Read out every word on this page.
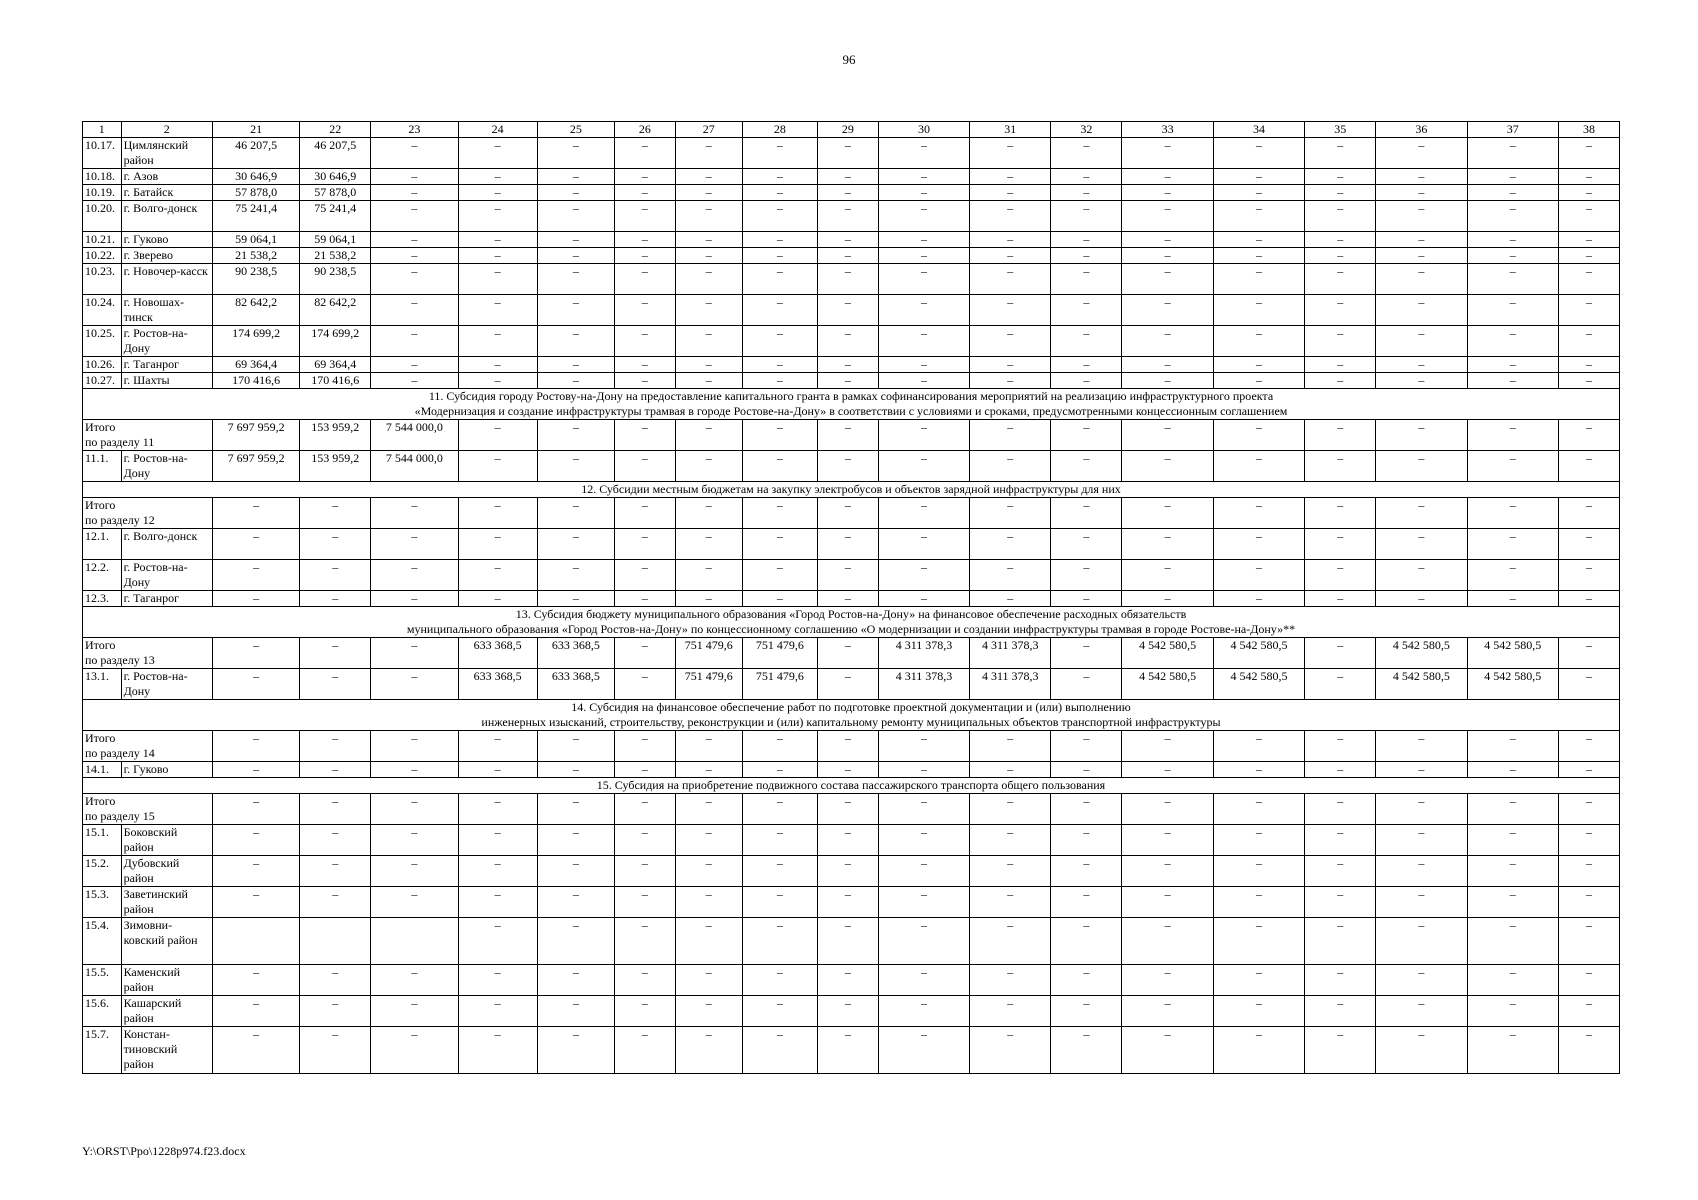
96
1	2	21	22	23	24	25	26	27	28	29	30	31	32	33	34	35	36	37	38
10.17.	Цимлянский район	46 207,5	46 207,5	–	–	–	–	–	–	–	–	–	–	–	–	–	–	–	–
10.18.	г. Азов	30 646,9	30 646,9	–	–	–	–	–	–	–	–	–	–	–	–	–	–	–	–
10.19.	г. Батайск	57 878,0	57 878,0	–	–	–	–	–	–	–	–	–	–	–	–	–	–	–	–
10.20.	г. Волго-донск	75 241,4	75 241,4	–	–	–	–	–	–	–	–	–	–	–	–	–	–	–	–
10.21.	г. Гуково	59 064,1	59 064,1	–	–	–	–	–	–	–	–	–	–	–	–	–	–	–	–
10.22.	г. Зверево	21 538,2	21 538,2	–	–	–	–	–	–	–	–	–	–	–	–	–	–	–	–
10.23.	г. Новочер-касск	90 238,5	90 238,5	–	–	–	–	–	–	–	–	–	–	–	–	–	–	–	–
10.24.	г. Новошах-тинск	82 642,2	82 642,2	–	–	–	–	–	–	–	–	–	–	–	–	–	–	–	–
10.25.	г. Ростов-на-Дону	174 699,2	174 699,2	–	–	–	–	–	–	–	–	–	–	–	–	–	–	–	–
10.26.	г. Таганрог	69 364,4	69 364,4	–	–	–	–	–	–	–	–	–	–	–	–	–	–	–	–
10.27.	г. Шахты	170 416,6	170 416,6	–	–	–	–	–	–	–	–	–	–	–	–	–	–	–	–

11. Субсидия городу Ростову-на-Дону на предоставление капитального гранта в рамках софинансирования мероприятий на реализацию инфраструктурного проекта
«Модернизация и создание инфраструктуры трамвая в городе Ростове-на-Дону» в соответствии с условиями и сроками, предусмотренными концессионным соглашением																			

Итого
по разделу 11		7 697 959,2	153 959,2	7 544 000,0	–	–	–	–	–	–	–	–	–	–	–	–	–	–	–
11.1.	г. Ростов-на-Дону	7 697 959,2	153 959,2	7 544 000,0	–	–	–	–	–	–	–	–	–	–	–	–	–	–	–

12. Субсидии местным бюджетам на закупку электробусов и объектов зарядной инфраструктуры для них																			

Итого
по разделу 12		–	–	–	–	–	–	–	–	–	–	–	–	–	–	–	–	–	–
12.1.	г. Волго-донск	–	–	–	–	–	–	–	–	–	–	–	–	–	–	–	–	–	–
12.2.	г. Ростов-на-Дону	–	–	–	–	–	–	–	–	–	–	–	–	–	–	–	–	–	–
12.3.	г. Таганрог	–	–	–	–	–	–	–	–	–	–	–	–	–	–	–	–	–	–

13. Субсидия бюджету муниципального образования «Город Ростов-на-Дону» на финансовое обеспечение расходных обязательств
муниципального образования «Город Ростов-на-Дону» по концессионному соглашению «О модернизации и создании инфраструктуры трамвая в городе Ростове-на-Дону»**																			

Итого
по разделу 13		–	–	–	633 368,5	633 368,5	–	751 479,6	751 479,6	–	4 311 378,3	4 311 378,3	–	4 542 580,5	4 542 580,5	–	4 542 580,5	4 542 580,5	–
13.1.	г. Ростов-на-Дону	–	–	–	633 368,5	633 368,5	–	751 479,6	751 479,6	–	4 311 378,3	4 311 378,3	–	4 542 580,5	4 542 580,5	–	4 542 580,5	4 542 580,5	–

14. Субсидия на финансовое обеспечение работ по подготовке проектной документации и (или) выполнению
инженерных изысканий, строительству, реконструкции и (или) капитальному ремонту муниципальных объектов транспортной инфраструктуры																			

Итого
по разделу 14		–	–	–	–	–	–	–	–	–	–	–	–	–	–	–	–	–	–
14.1.	г. Гуково	–	–	–	–	–	–	–	–	–	–	–	–	–	–	–	–	–	–

15. Субсидия на приобретение подвижного состава пассажирского транспорта общего пользования																			

Итого
по разделу 15		–	–	–	–	–	–	–	–	–	–	–	–	–	–	–	–	–	–
15.1.	Боковский район	–	–	–	–	–	–	–	–	–	–	–	–	–	–	–	–	–	–
15.2.	Дубовский район	–	–	–	–	–	–	–	–	–	–	–	–	–	–	–	–	–	–
15.3.	Заветинский район	–	–	–	–	–	–	–	–	–	–	–	–	–	–	–	–	–	–
15.4.	Зимовни-ковский район				–	–	–	–	–	–	–	–	–	–	–	–	–	–	–
15.5.	Каменский район	–	–	–	–	–	–	–	–	–	–	–	–	–	–	–	–	–	–
15.6.	Кашарский район	–	–	–	–	–	–	–	–	–	–	–	–	–	–	–	–	–	–
15.7.	Констан-тиновский район	–	–	–	–	–	–	–	–	–	–	–	–	–	–	–	–	–	–
Y:\ORST\Ppo\1228p974.f23.docx
